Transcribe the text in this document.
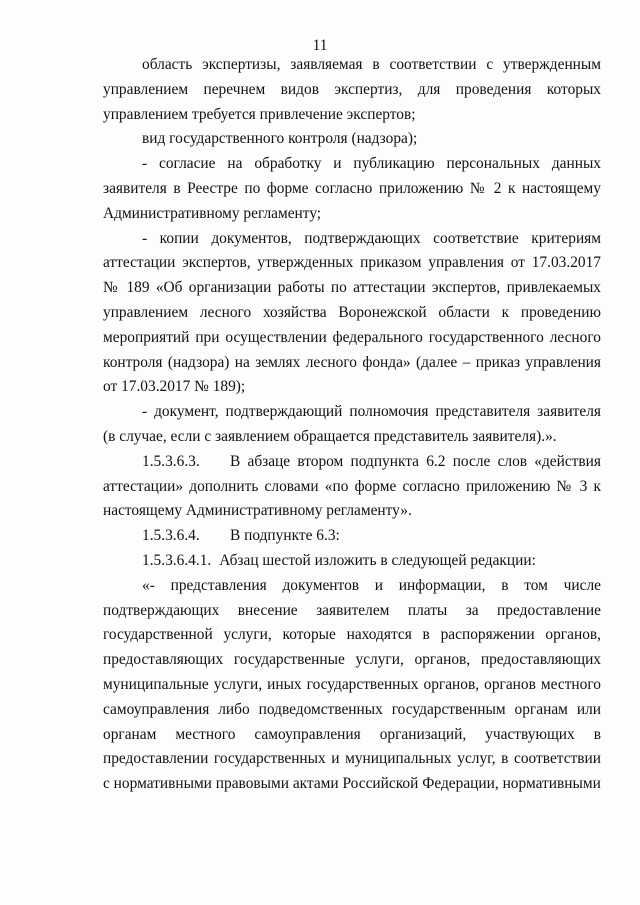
11

область экспертизы, заявляемая в соответствии с утвержденным управлением перечнем видов экспертиз, для проведения которых управлением требуется привлечение экспертов;

вид государственного контроля (надзора);

- согласие на обработку и публикацию персональных данных заявителя в Реестре по форме согласно приложению № 2 к настоящему Административному регламенту;

- копии документов, подтверждающих соответствие критериям аттестации экспертов, утвержденных приказом управления от 17.03.2017 № 189 «Об организации работы по аттестации экспертов, привлекаемых управлением лесного хозяйства Воронежской области к проведению мероприятий при осуществлении федерального государственного лесного контроля (надзора) на землях лесного фонда» (далее – приказ управления от 17.03.2017 № 189);

- документ, подтверждающий полномочия представителя заявителя (в случае, если с заявлением обращается представитель заявителя).».

1.5.3.6.3. В абзаце втором подпункта 6.2 после слов «действия аттестации» дополнить словами «по форме согласно приложению № 3 к настоящему Административному регламенту».

1.5.3.6.4. В подпункте 6.3:

1.5.3.6.4.1. Абзац шестой изложить в следующей редакции:

«- представления документов и информации, в том числе подтверждающих внесение заявителем платы за предоставление государственной услуги, которые находятся в распоряжении органов, предоставляющих государственные услуги, органов, предоставляющих муниципальные услуги, иных государственных органов, органов местного самоуправления либо подведомственных государственным органам или органам местного самоуправления организаций, участвующих в предоставлении государственных и муниципальных услуг, в соответствии с нормативными правовыми актами Российской Федерации, нормативными
